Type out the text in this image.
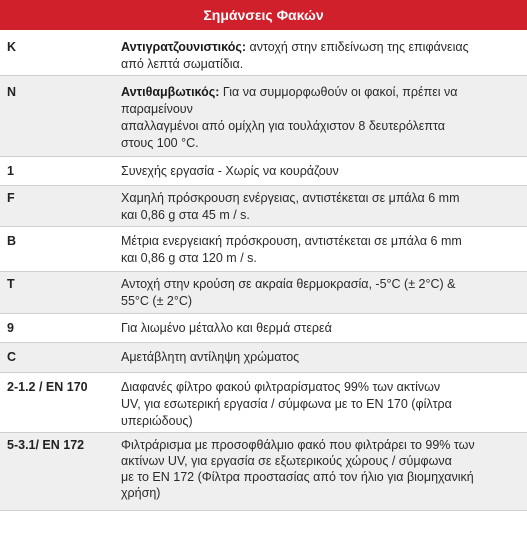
Σημάνσεις Φακών
K	Αντιγρατζουνιστικός: αντοχή στην επιδείνωση της επιφάνειας
από λεπτά σωματίδια.
N	Αντιθαμβωτικός: Για να συμμορφωθούν οι φακοί, πρέπει να
παραμείνουν
απαλλαγμένοι από ομίχλη για τουλάχιστον 8 δευτερόλεπτα
στους 100 °C.
1	Συνεχής εργασία - Χωρίς να κουράζουν
F	Χαμηλή πρόσκρουση ενέργειας, αντιστέκεται σε μπάλα 6 mm
και 0,86 g στα 45 m / s.
B	Μέτρια ενεργειακή πρόσκρουση, αντιστέκεται σε μπάλα 6 mm
και 0,86 g στα 120 m / s.
T	Αντοχή στην κρούση σε ακραία θερμοκρασία, -5°C (± 2°C) &
55°C (± 2°C)
9	Για λιωμένο μέταλλο και θερμά στερεά
C	Αμετάβλητη αντίληψη χρώματος
2-1.2 / EN 170	Διαφανές φίλτρο φακού φιλτραρίσματος 99% των ακτίνων
UV, για εσωτερική εργασία / σύμφωνα με το EN 170 (φίλτρα
υπεριώδους)
5-3.1/ EN 172	Φιλτράρισμα με προσοφθάλμιο φακό που φιλτράρει το 99% των
ακτίνων UV, για εργασία σε εξωτερικούς χώρους / σύμφωνα
με το EN 172 (Φίλτρα προστασίας από τον ήλιο για βιομηχανική
χρήση)
